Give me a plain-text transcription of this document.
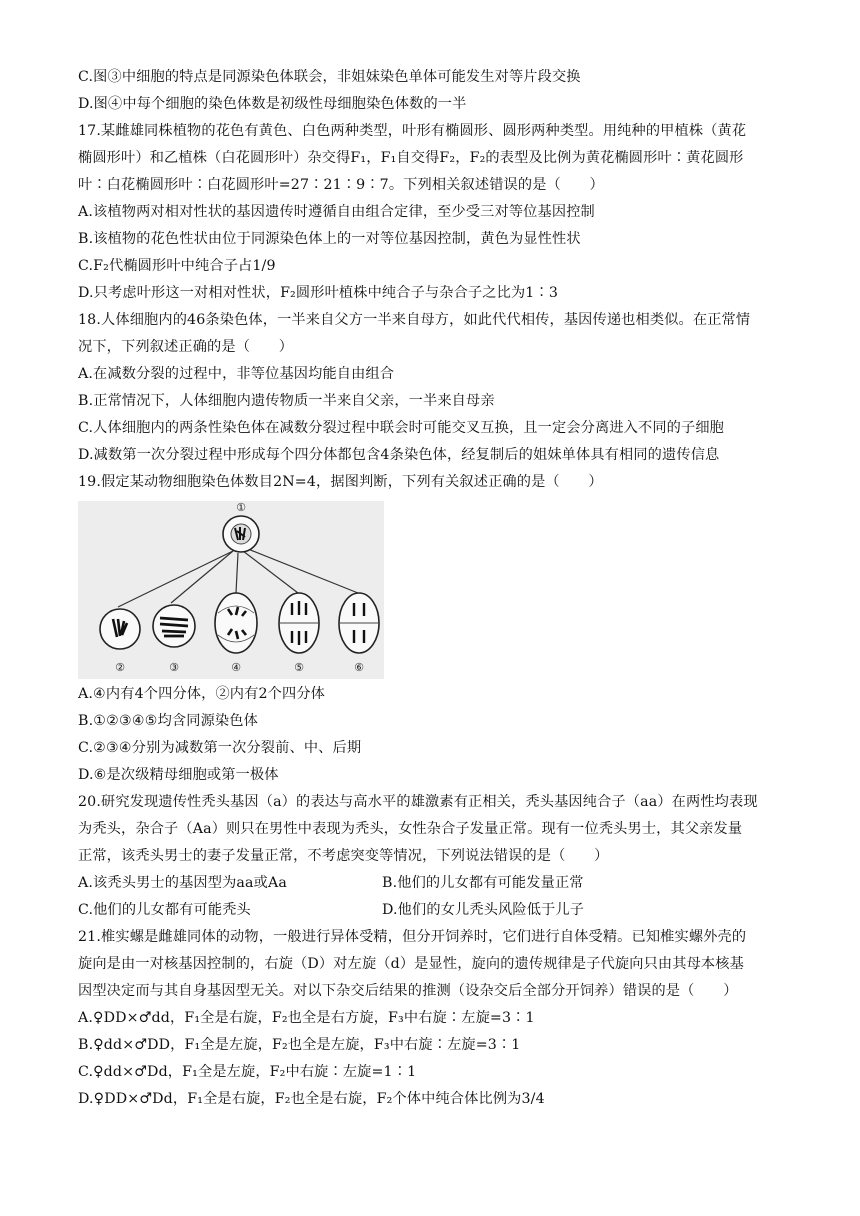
C.图③中细胞的特点是同源染色体联会，非姐妹染色单体可能发生对等片段交换
D.图④中每个细胞的染色体数是初级性母细胞染色体数的一半
17.某雌雄同株植物的花色有黄色、白色两种类型，叶形有椭圆形、圆形两种类型。用纯种的甲植株（黄花
椭圆形叶）和乙植株（白花圆形叶）杂交得F₁，F₁自交得F₂，F₂的表型及比例为黄花椭圆形叶∶黄花圆形
叶∶白花椭圆形叶∶白花圆形叶=27∶21∶9∶7。下列相关叙述错误的是（　　）
A.该植物两对相对性状的基因遗传时遵循自由组合定律，至少受三对等位基因控制
B.该植物的花色性状由位于同源染色体上的一对等位基因控制，黄色为显性性状
C.F₂代椭圆形叶中纯合子占1/9
D.只考虑叶形这一对相对性状，F₂圆形叶植株中纯合子与杂合子之比为1∶3
18.人体细胞内的46条染色体，一半来自父方一半来自母方，如此代代相传，基因传递也相类似。在正常情
况下，下列叙述正确的是（　　）
A.在减数分裂的过程中，非等位基因均能自由组合
B.正常情况下，人体细胞内遗传物质一半来自父亲，一半来自母亲
C.人体细胞内的两条性染色体在减数分裂过程中联会时可能交叉互换，且一定会分离进入不同的子细胞
D.减数第一次分裂过程中形成每个四分体都包含4条染色体，经复制后的姐妹单体具有相同的遗传信息
19.假定某动物细胞染色体数目2N=4，据图判断，下列有关叙述正确的是（　　）
①
②	③	④	⑤	⑥
A.④内有4个四分体，②内有2个四分体
B.①②③④⑤均含同源染色体
C.②③④分别为减数第一次分裂前、中、后期
D.⑥是次级精母细胞或第一极体
20.研究发现遗传性秃头基因（a）的表达与高水平的雄激素有正相关，秃头基因纯合子（aa）在两性均表现
为秃头，杂合子（Aa）则只在男性中表现为秃头，女性杂合子发量正常。现有一位秃头男士，其父亲发量
正常，该秃头男士的妻子发量正常，不考虑突变等情况，下列说法错误的是（　　）
A.该秃头男士的基因型为aa或Aa	B.他们的儿女都有可能发量正常
C.他们的儿女都有可能秃头	D.他们的女儿秃头风险低于儿子
21.椎实螺是雌雄同体的动物，一般进行异体受精，但分开饲养时，它们进行自体受精。已知椎实螺外壳的
旋向是由一对核基因控制的，右旋（D）对左旋（d）是显性，旋向的遗传规律是子代旋向只由其母本核基
因型决定而与其自身基因型无关。对以下杂交后结果的推测（设杂交后全部分开饲养）错误的是（　　）
A.♀DD×♂dd，F₁全是右旋，F₂也全是右方旋，F₃中右旋∶左旋=3∶1
B.♀dd×♂DD，F₁全是左旋，F₂也全是左旋，F₃中右旋∶左旋=3∶1
C.♀dd×♂Dd，F₁全是左旋，F₂中右旋∶左旋=1∶1
D.♀DD×♂Dd，F₁全是右旋，F₂也全是右旋，F₂个体中纯合体比例为3/4
